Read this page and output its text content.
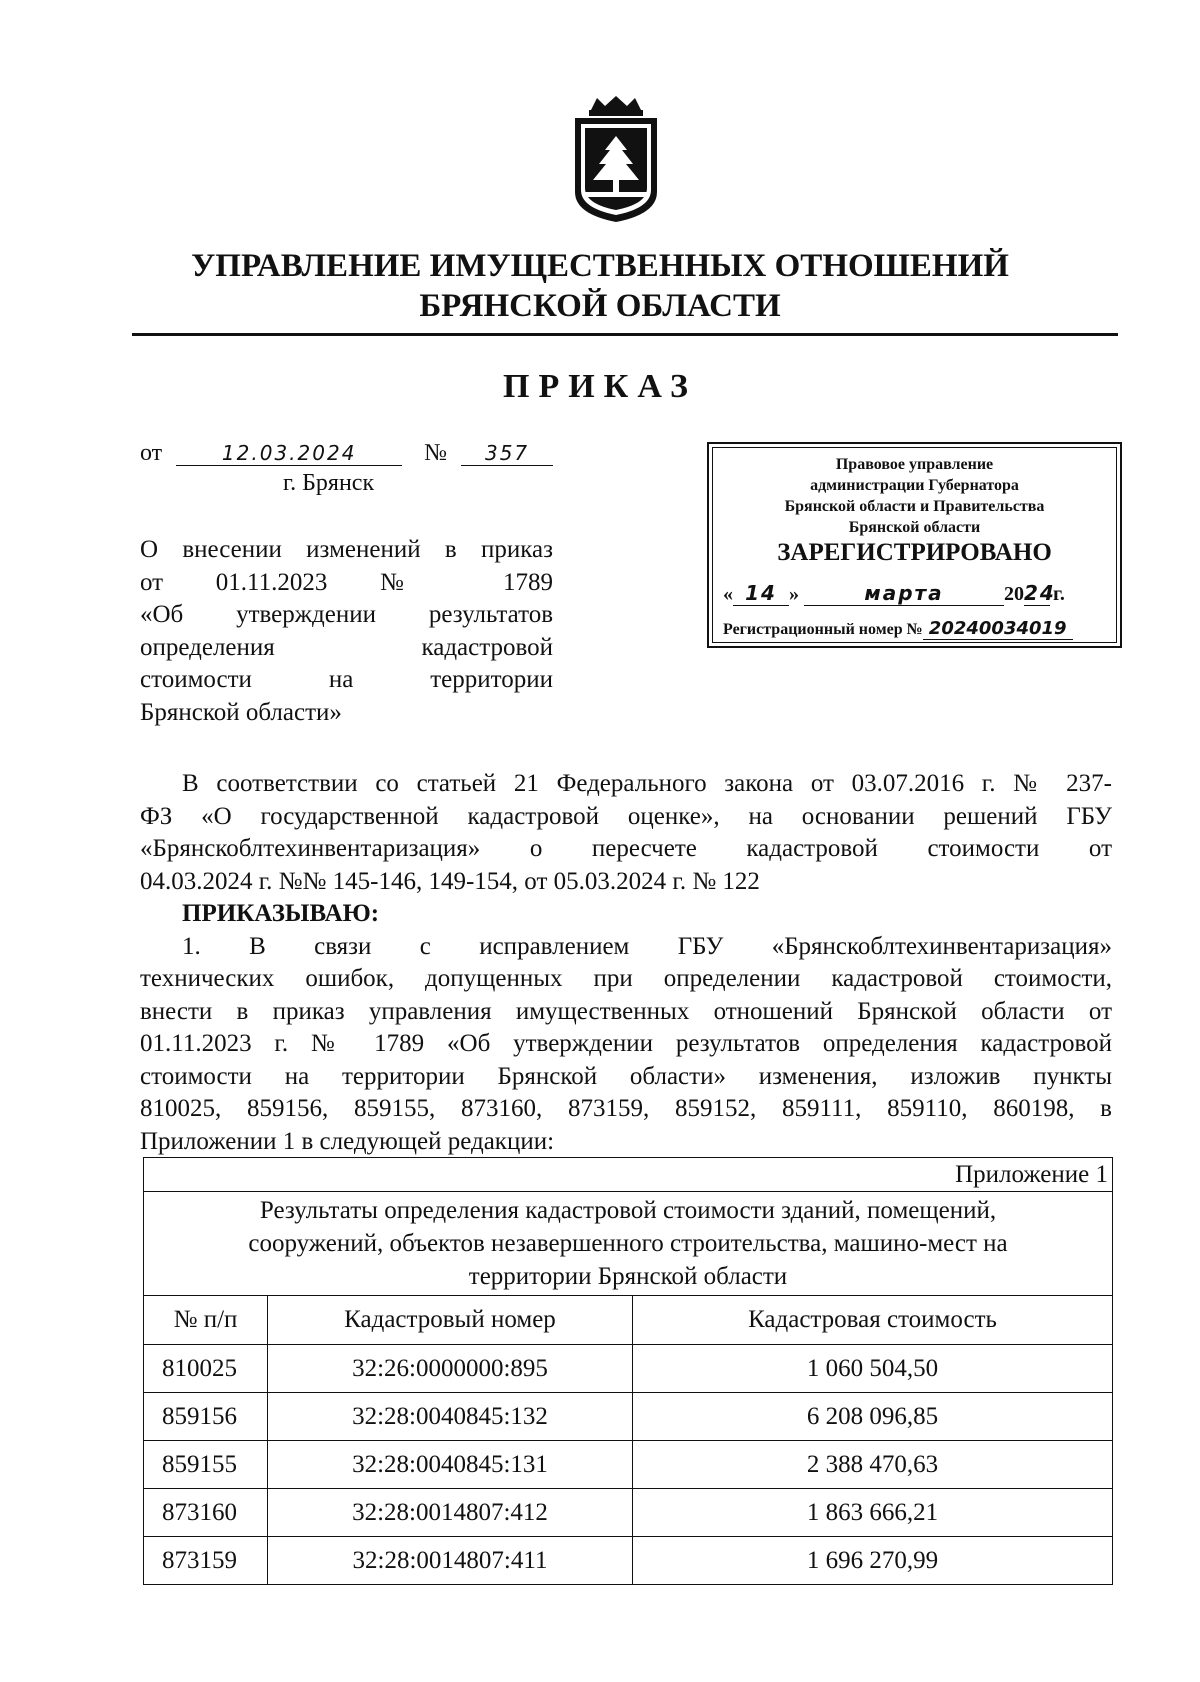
УПРАВЛЕНИЕ ИМУЩЕСТВЕННЫХ ОТНОШЕНИЙ
БРЯНСКОЙ ОБЛАСТИ
ПРИКАЗ
от	12.03.2024	№ 357
г. Брянск
О внесении изменений в приказ
от 01.11.2023 № 1789
«Об утверждении результатов
определения кадастровой
стоимости на территории
Брянской области»
Правовое управление
администрации Губернатора
Брянской области и Правительства
Брянской области
ЗАРЕГИСТРИРОВАНО
« 14 »	марта	2024г.
Регистрационный номер № 20240034019
В соответствии со статьей 21 Федерального закона от 03.07.2016 г. № 237-
ФЗ «О государственной кадастровой оценке», на основании решений ГБУ
«Брянскоблтехинвентаризация» о пересчете кадастровой стоимости от
04.03.2024 г. №№ 145-146, 149-154, от 05.03.2024 г. № 122
ПРИКАЗЫВАЮ:
1. В связи с исправлением ГБУ «Брянскоблтехинвентаризация»
технических ошибок, допущенных при определении кадастровой стоимости,
внести в приказ управления имущественных отношений Брянской области от
01.11.2023 г. № 1789 «Об утверждении результатов определения кадастровой
стоимости на территории Брянской области» изменения, изложив пункты
810025, 859156, 859155, 873160, 873159, 859152, 859111, 859110, 860198, в
Приложении 1 в следующей редакции:
Приложение 1		

Результаты определения кадастровой стоимости зданий, помещений,
сооружений, объектов незавершенного строительства, машино-мест на
территории Брянской области		

№ п/п	Кадастровый номер	Кадастровая стоимость
810025	32:26:0000000:895	1 060 504,50
859156	32:28:0040845:132	6 208 096,85
859155	32:28:0040845:131	2 388 470,63
873160	32:28:0014807:412	1 863 666,21
873159	32:28:0014807:411	1 696 270,99
